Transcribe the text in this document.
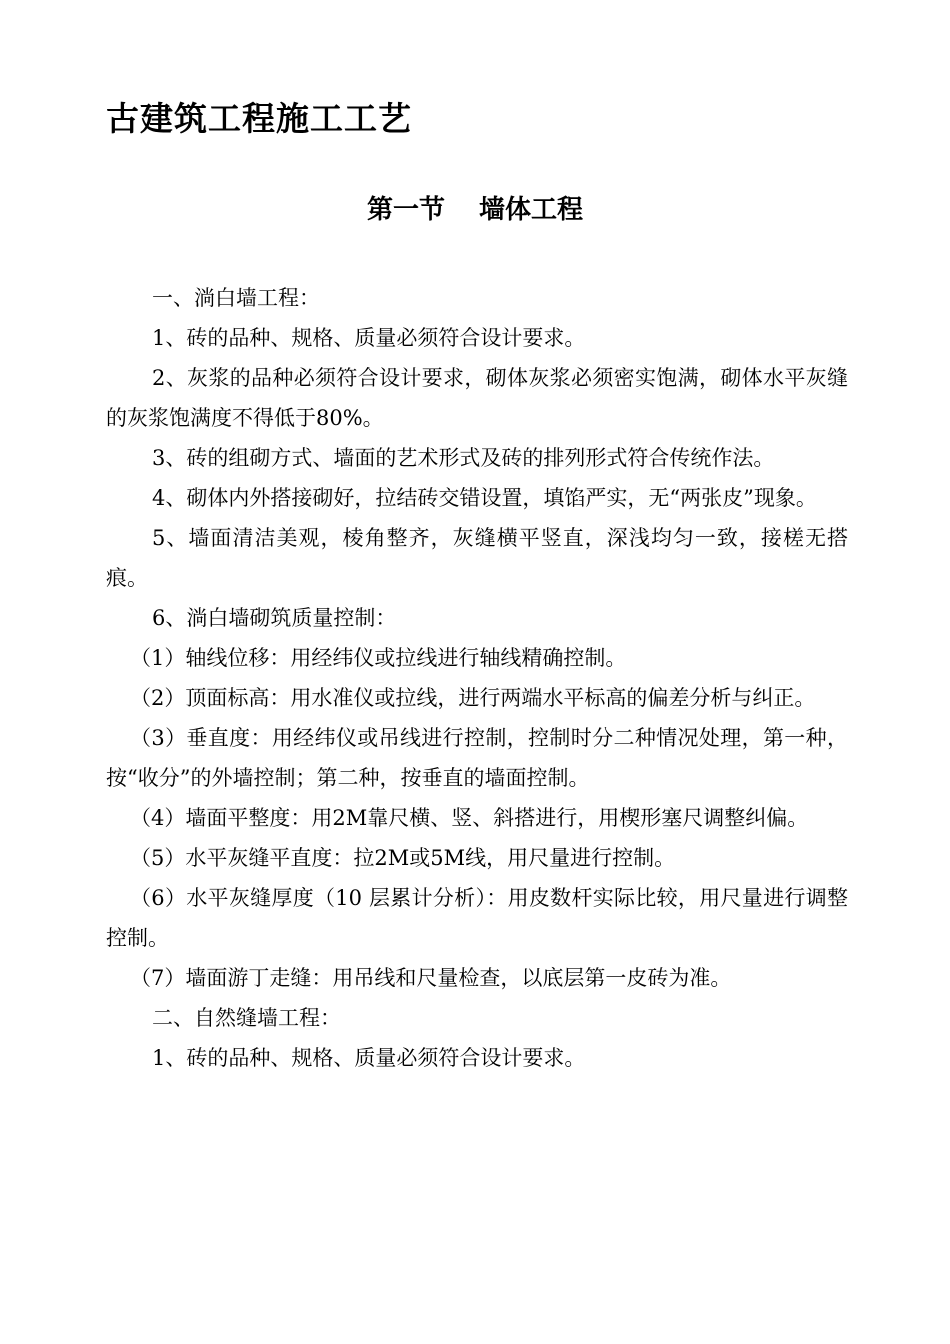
古建筑工程施工工艺
第一节 墙体工程

一、淌白墙工程：

1、砖的品种、规格、质量必须符合设计要求。

2、灰浆的品种必须符合设计要求，砌体灰浆必须密实饱满，砌体水平灰缝的灰浆饱满度不得低于80%。

3、砖的组砌方式、墙面的艺术形式及砖的排列形式符合传统作法。

4、砌体内外搭接砌好，拉结砖交错设置，填馅严实，无“两张皮”现象。

5、墙面清洁美观，棱角整齐，灰缝横平竖直，深浅均匀一致，接槎无搭痕。

6、淌白墙砌筑质量控制：

（1）轴线位移：用经纬仪或拉线进行轴线精确控制。

（2）顶面标高：用水准仪或拉线，进行两端水平标高的偏差分析与纠正。

（3）垂直度：用经纬仪或吊线进行控制，控制时分二种情况处理，第一种，按“收分”的外墙控制；第二种，按垂直的墙面控制。

（4）墙面平整度：用2M靠尺横、竖、斜搭进行，用楔形塞尺调整纠偏。

（5）水平灰缝平直度：拉2M或5M线，用尺量进行控制。

（6）水平灰缝厚度（10 层累计分析）：用皮数杆实际比较，用尺量进行调整控制。

（7）墙面游丁走缝：用吊线和尺量检查，以底层第一皮砖为准。

二、自然缝墙工程：

1、砖的品种、规格、质量必须符合设计要求。
